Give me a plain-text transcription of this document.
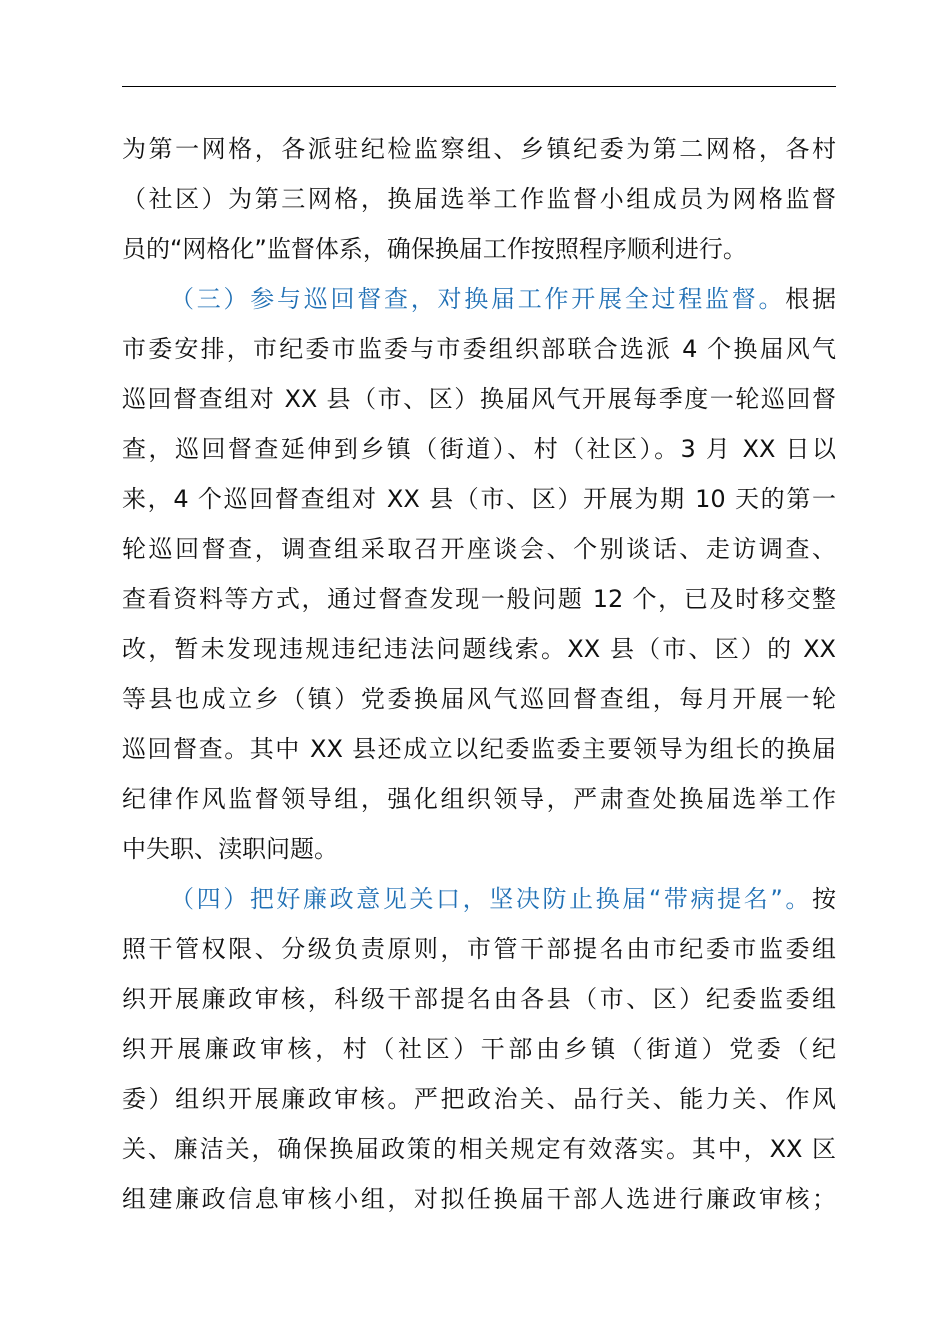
为第一网格，各派驻纪检监察组、乡镇纪委为第二网格，各村
（社区）为第三网格，换届选举工作监督小组成员为网格监督
员的“网格化”监督体系，确保换届工作按照程序顺利进行。
（三）参与巡回督查，对换届工作开展全过程监督。根据
市委安排，市纪委市监委与市委组织部联合选派 4 个换届风气
巡回督查组对 XX 县（市、区）换届风气开展每季度一轮巡回督
查，巡回督查延伸到乡镇（街道）、村（社区）。3 月 XX 日以
来，4 个巡回督查组对 XX 县（市、区）开展为期 10 天的第一
轮巡回督查，调查组采取召开座谈会、个别谈话、走访调查、
查看资料等方式，通过督查发现一般问题 12 个，已及时移交整
改，暂未发现违规违纪违法问题线索。XX 县（市、区）的 XX
等县也成立乡（镇）党委换届风气巡回督查组，每月开展一轮
巡回督查。其中 XX 县还成立以纪委监委主要领导为组长的换届
纪律作风监督领导组，强化组织领导，严肃查处换届选举工作
中失职、渎职问题。
（四）把好廉政意见关口，坚决防止换届“带病提名”。按
照干管权限、分级负责原则，市管干部提名由市纪委市监委组
织开展廉政审核，科级干部提名由各县（市、区）纪委监委组
织开展廉政审核，村（社区）干部由乡镇（街道）党委（纪
委）组织开展廉政审核。严把政治关、品行关、能力关、作风
关、廉洁关，确保换届政策的相关规定有效落实。其中，XX 区
组建廉政信息审核小组，对拟任换届干部人选进行廉政审核；
